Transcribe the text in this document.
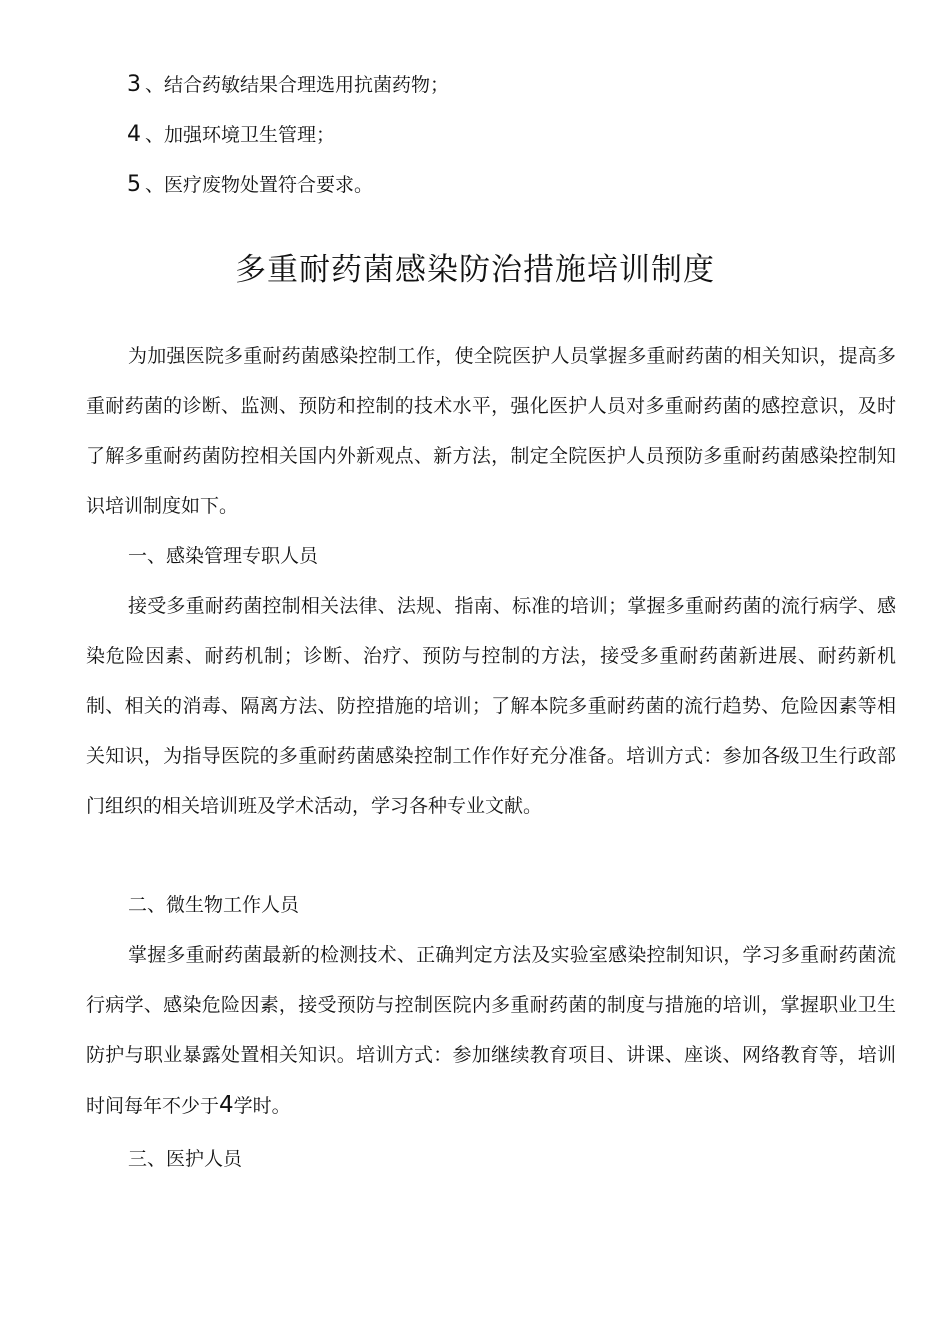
3 、结合药敏结果合理选用抗菌药物；
4 、加强环境卫生管理；
5 、医疗废物处置符合要求。
多重耐药菌感染防治措施培训制度

为加强医院多重耐药菌感染控制工作，使全院医护人员掌握多重耐药菌的相关知识，提高多重耐药菌的诊断、监测、预防和控制的技术水平，强化医护人员对多重耐药菌的感控意识，及时了解多重耐药菌防控相关国内外新观点、新方法，制定全院医护人员预防多重耐药菌感染控制知识培训制度如下。

一、感染管理专职人员

接受多重耐药菌控制相关法律、法规、指南、标准的培训；掌握多重耐药菌的流行病学、感染危险因素、耐药机制；诊断、治疗、预防与控制的方法，接受多重耐药菌新进展、耐药新机制、相关的消毒、隔离方法、防控措施的培训；了解本院多重耐药菌的流行趋势、危险因素等相关知识，为指导医院的多重耐药菌感染控制工作作好充分准备。培训方式：参加各级卫生行政部门组织的相关培训班及学术活动，学习各种专业文献。

二、微生物工作人员

掌握多重耐药菌最新的检测技术、正确判定方法及实验室感染控制知识，学习多重耐药菌流行病学、感染危险因素，接受预防与控制医院内多重耐药菌的制度与措施的培训，掌握职业卫生防护与职业暴露处置相关知识。培训方式：参加继续教育项目、讲课、座谈、网络教育等，培训时间每年不少于4学时。

三、医护人员
